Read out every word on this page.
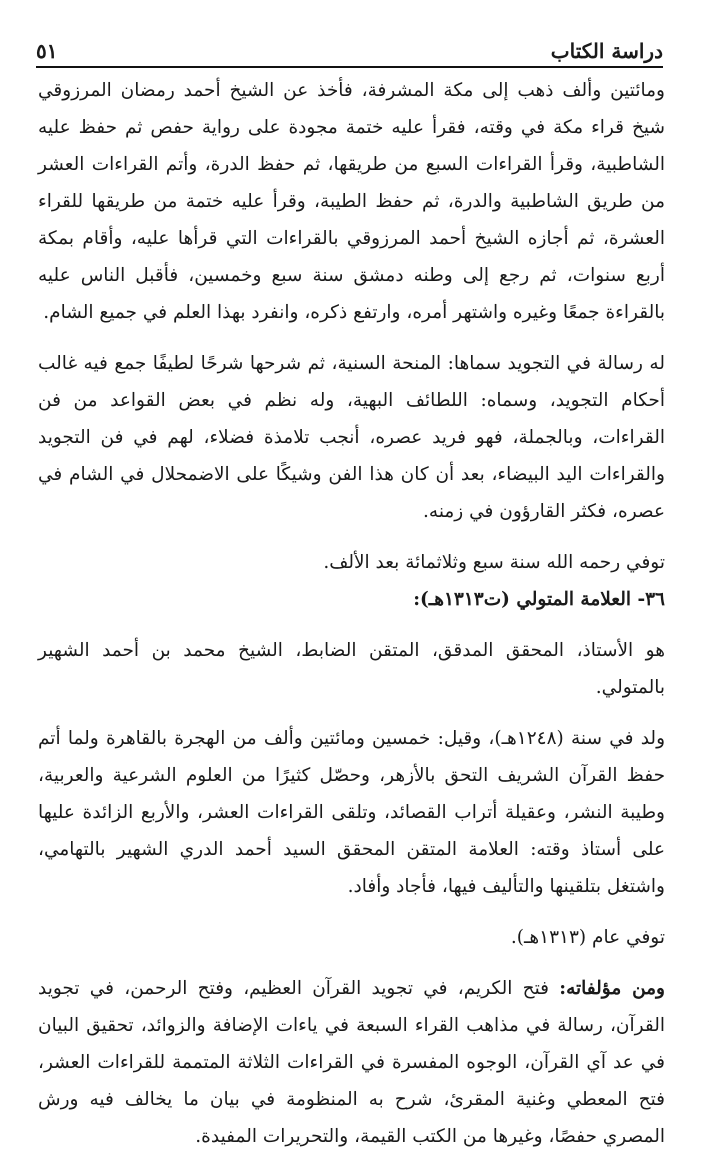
دراسة الكتاب
٥١

ومائتين وألف ذهب إلى مكة المشرفة، فأخذ عن الشيخ أحمد رمضان المرزوقي شيخ قراء مكة في وقته، فقرأ عليه ختمة مجودة على رواية حفص ثم حفظ عليه الشاطبية، وقرأ القراءات السبع من طريقها، ثم حفظ الدرة، وأتم القراءات العشر من طريق الشاطبية والدرة، ثم حفظ الطيبة، وقرأ عليه ختمة من طريقها للقراء العشرة، ثم أجازه الشيخ أحمد المرزوقي بالقراءات التي قرأها عليه، وأقام بمكة أربع سنوات، ثم رجع إلى وطنه دمشق سنة سبع وخمسين، فأقبل الناس عليه بالقراءة جمعًا وغيره واشتهر أمره، وارتفع ذكره، وانفرد بهذا العلم في جميع الشام.

له رسالة في التجويد سماها: المنحة السنية، ثم شرحها شرحًا لطيفًا جمع فيه غالب أحكام التجويد، وسماه: اللطائف البهية، وله نظم في بعض القواعد من فن القراءات، وبالجملة، فهو فريد عصره، أنجب تلامذة فضلاء، لهم في فن التجويد والقراءات اليد البيضاء، بعد أن كان هذا الفن وشيكًا على الاضمحلال في الشام في عصره، فكثر القارؤون في زمنه.

توفي رحمه الله سنة سبع وثلاثمائة بعد الألف.

٣٦- العلامة المتولي (ت١٣١٣هـ):

هو الأستاذ، المحقق المدقق، المتقن الضابط، الشيخ محمد بن أحمد الشهير بالمتولي.

ولد في سنة (١٢٤٨هـ)، وقيل: خمسين ومائتين وألف من الهجرة بالقاهرة ولما أتم حفظ القرآن الشريف التحق بالأزهر، وحصّل كثيرًا من العلوم الشرعية والعربية، وطيبة النشر، وعقيلة أتراب القصائد، وتلقى القراءات العشر، والأربع الزائدة عليها على أستاذ وقته: العلامة المتقن المحقق السيد أحمد الدري الشهير بالتهامي، واشتغل بتلقينها والتأليف فيها، فأجاد وأفاد.

توفي عام (١٣١٣هـ).

ومن مؤلفاته: فتح الكريم، في تجويد القرآن العظيم، وفتح الرحمن، في تجويد القرآن، رسالة في مذاهب القراء السبعة في ياءات الإضافة والزوائد، تحقيق البيان في عد آي القرآن، الوجوه المفسرة في القراءات الثلاثة المتممة للقراءات العشر، فتح المعطي وغنية المقرئ، شرح به المنظومة في بيان ما يخالف فيه ورش المصري حفصًا، وغيرها من الكتب القيمة، والتحريرات المفيدة.
